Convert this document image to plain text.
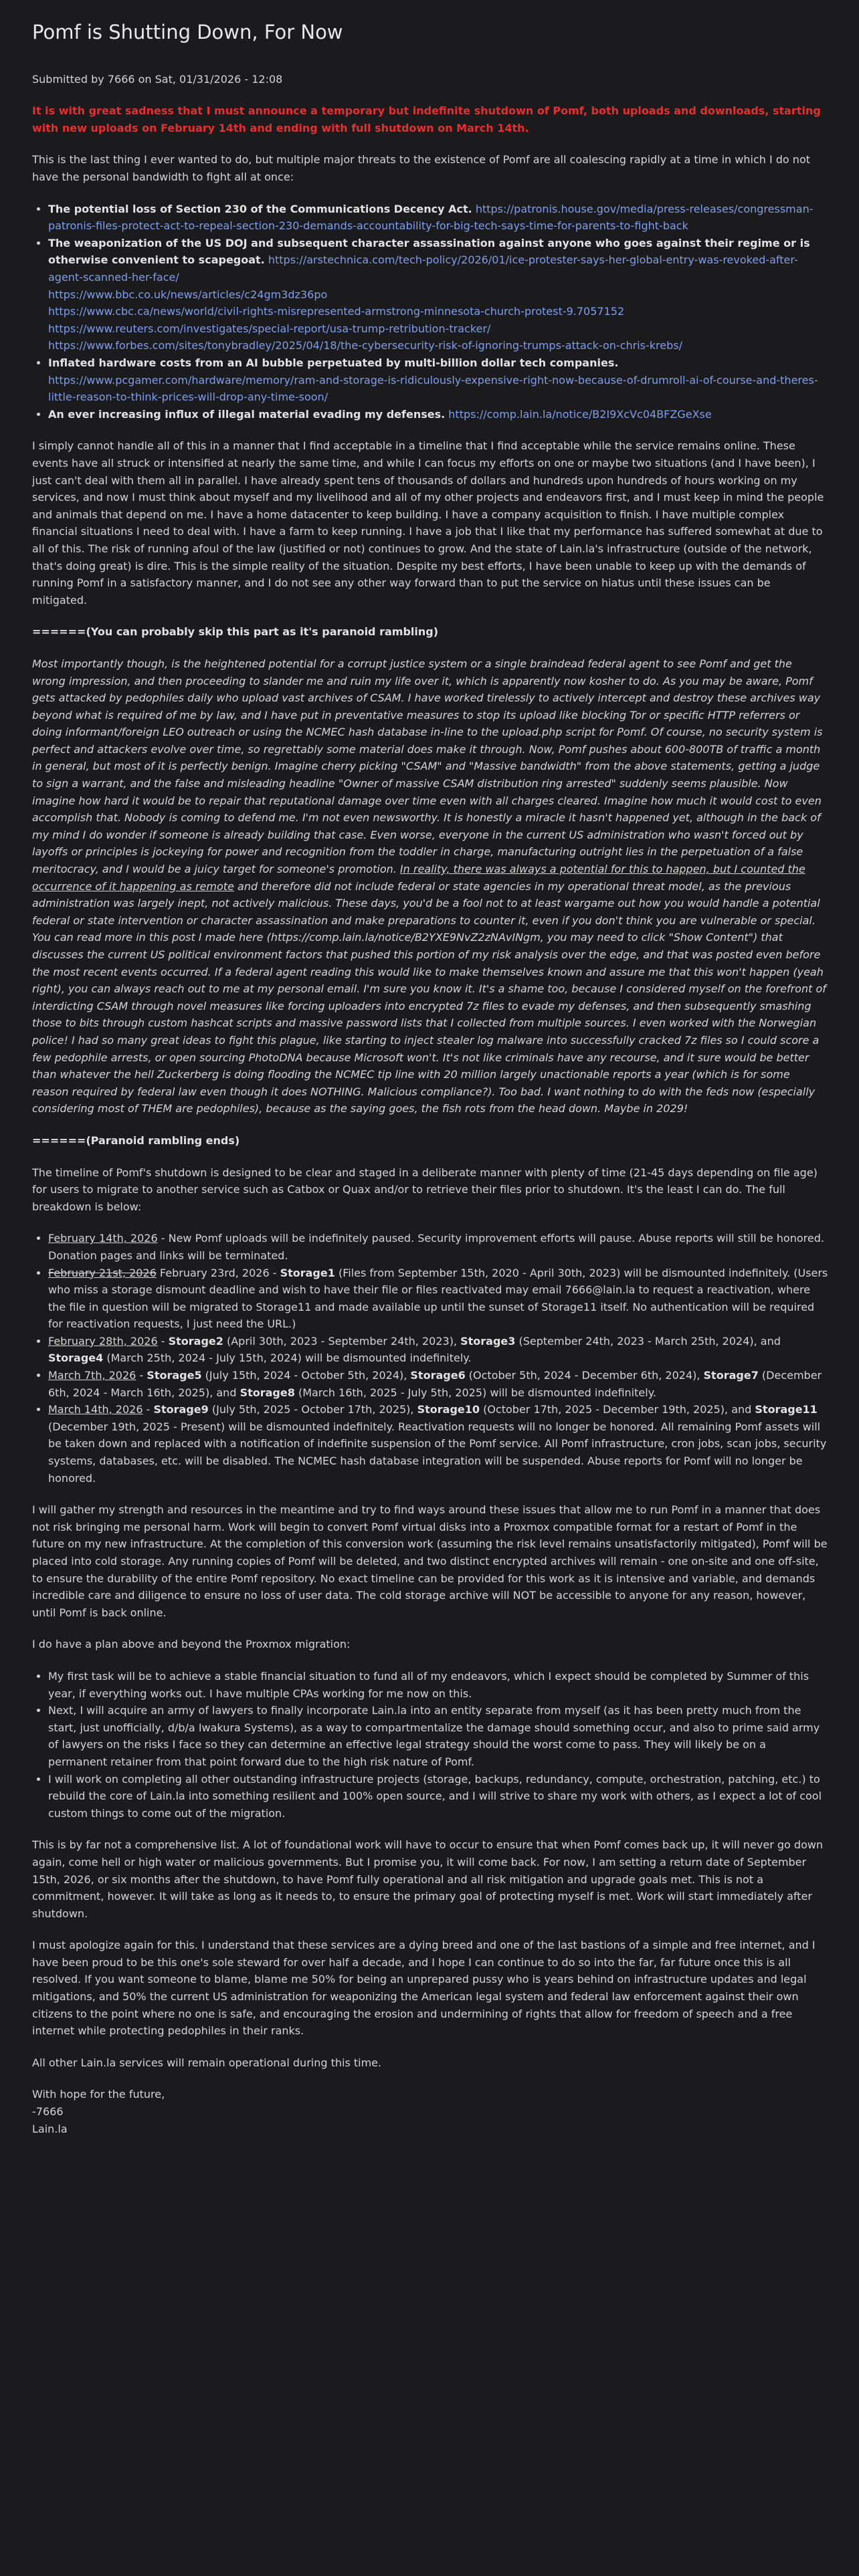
Pomf is Shutting Down, For Now

Submitted by 7666 on Sat, 01/31/2026 - 12:08

It is with great sadness that I must announce a temporary but indefinite shutdown of Pomf, both uploads and downloads, starting with new uploads on February 14th and ending with full shutdown on March 14th.

This is the last thing I ever wanted to do, but multiple major threats to the existence of Pomf are all coalescing rapidly at a time in which I do not have the personal bandwidth to fight all at once:

• The potential loss of Section 230 of the Communications Decency Act. https://patronis.house.gov/media/press-releases/congressman-patronis-files-protect-act-to-repeal-section-230-demands-accountability-for-big-tech-says-time-for-parents-to-fight-back
• The weaponization of the US DOJ and subsequent character assassination against anyone who goes against their regime or is otherwise convenient to scapegoat. https://arstechnica.com/tech-policy/2026/01/ice-protester-says-her-global-entry-was-revoked-after-agent-scanned-her-face/
https://www.bbc.co.uk/news/articles/c24gm3dz36po
https://www.cbc.ca/news/world/civil-rights-misrepresented-armstrong-minnesota-church-protest-9.7057152
https://www.reuters.com/investigates/special-report/usa-trump-retribution-tracker/
https://www.forbes.com/sites/tonybradley/2025/04/18/the-cybersecurity-risk-of-ignoring-trumps-attack-on-chris-krebs/
• Inflated hardware costs from an AI bubble perpetuated by multi-billion dollar tech companies.
https://www.pcgamer.com/hardware/memory/ram-and-storage-is-ridiculously-expensive-right-now-because-of-drumroll-ai-of-course-and-theres-little-reason-to-think-prices-will-drop-any-time-soon/
• An ever increasing influx of illegal material evading my defenses. https://comp.lain.la/notice/B2I9XcVc04BFZGeXse

I simply cannot handle all of this in a manner that I find acceptable in a timeline that I find acceptable while the service remains online. These events have all struck or intensified at nearly the same time, and while I can focus my efforts on one or maybe two situations (and I have been), I just can't deal with them all in parallel. I have already spent tens of thousands of dollars and hundreds upon hundreds of hours working on my services, and now I must think about myself and my livelihood and all of my other projects and endeavors first, and I must keep in mind the people and animals that depend on me. I have a home datacenter to keep building. I have a company acquisition to finish. I have multiple complex financial situations I need to deal with. I have a farm to keep running. I have a job that I like that my performance has suffered somewhat at due to all of this. The risk of running afoul of the law (justified or not) continues to grow. And the state of Lain.la's infrastructure (outside of the network, that's doing great) is dire. This is the simple reality of the situation. Despite my best efforts, I have been unable to keep up with the demands of running Pomf in a satisfactory manner, and I do not see any other way forward than to put the service on hiatus until these issues can be mitigated.

======(You can probably skip this part as it's paranoid rambling)

Most importantly though, is the heightened potential for a corrupt justice system or a single braindead federal agent to see Pomf and get the wrong impression, and then proceeding to slander me and ruin my life over it, which is apparently now kosher to do. As you may be aware, Pomf gets attacked by pedophiles daily who upload vast archives of CSAM. I have worked tirelessly to actively intercept and destroy these archives way beyond what is required of me by law, and I have put in preventative measures to stop its upload like blocking Tor or specific HTTP referrers or doing informant/foreign LEO outreach or using the NCMEC hash database in-line to the upload.php script for Pomf. Of course, no security system is perfect and attackers evolve over time, so regrettably some material does make it through. Now, Pomf pushes about 600-800TB of traffic a month in general, but most of it is perfectly benign. Imagine cherry picking "CSAM" and "Massive bandwidth" from the above statements, getting a judge to sign a warrant, and the false and misleading headline "Owner of massive CSAM distribution ring arrested" suddenly seems plausible. Now imagine how hard it would be to repair that reputational damage over time even with all charges cleared. Imagine how much it would cost to even accomplish that. Nobody is coming to defend me. I'm not even newsworthy. It is honestly a miracle it hasn't happened yet, although in the back of my mind I do wonder if someone is already building that case. Even worse, everyone in the current US administration who wasn't forced out by layoffs or principles is jockeying for power and recognition from the toddler in charge, manufacturing outright lies in the perpetuation of a false meritocracy, and I would be a juicy target for someone's promotion. In reality, there was always a potential for this to happen, but I counted the occurrence of it happening as remote and therefore did not include federal or state agencies in my operational threat model, as the previous administration was largely inept, not actively malicious. These days, you'd be a fool not to at least wargame out how you would handle a potential federal or state intervention or character assassination and make preparations to counter it, even if you don't think you are vulnerable or special. You can read more in this post I made here (https://comp.lain.la/notice/B2YXE9NvZ2zNAvINgm, you may need to click "Show Content") that discusses the current US political environment factors that pushed this portion of my risk analysis over the edge, and that was posted even before the most recent events occurred. If a federal agent reading this would like to make themselves known and assure me that this won't happen (yeah right), you can always reach out to me at my personal email. I'm sure you know it. It's a shame too, because I considered myself on the forefront of interdicting CSAM through novel measures like forcing uploaders into encrypted 7z files to evade my defenses, and then subsequently smashing those to bits through custom hashcat scripts and massive password lists that I collected from multiple sources. I even worked with the Norwegian police! I had so many great ideas to fight this plague, like starting to inject stealer log malware into successfully cracked 7z files so I could score a few pedophile arrests, or open sourcing PhotoDNA because Microsoft won't. It's not like criminals have any recourse, and it sure would be better than whatever the hell Zuckerberg is doing flooding the NCMEC tip line with 20 million largely unactionable reports a year (which is for some reason required by federal law even though it does NOTHING. Malicious compliance?). Too bad. I want nothing to do with the feds now (especially considering most of THEM are pedophiles), because as the saying goes, the fish rots from the head down. Maybe in 2029!

======(Paranoid rambling ends)

The timeline of Pomf's shutdown is designed to be clear and staged in a deliberate manner with plenty of time (21-45 days depending on file age) for users to migrate to another service such as Catbox or Quax and/or to retrieve their files prior to shutdown. It's the least I can do. The full breakdown is below:

• February 14th, 2026 - New Pomf uploads will be indefinitely paused. Security improvement efforts will pause. Abuse reports will still be honored. Donation pages and links will be terminated.
• February 21st, 2026 February 23rd, 2026 - Storage1 (Files from September 15th, 2020 - April 30th, 2023) will be dismounted indefinitely. (Users who miss a storage dismount deadline and wish to have their file or files reactivated may email 7666@lain.la to request a reactivation, where the file in question will be migrated to Storage11 and made available up until the sunset of Storage11 itself. No authentication will be required for reactivation requests, I just need the URL.)
• February 28th, 2026 - Storage2 (April 30th, 2023 - September 24th, 2023), Storage3 (September 24th, 2023 - March 25th, 2024), and Storage4 (March 25th, 2024 - July 15th, 2024) will be dismounted indefinitely.
• March 7th, 2026 - Storage5 (July 15th, 2024 - October 5th, 2024), Storage6 (October 5th, 2024 - December 6th, 2024), Storage7 (December 6th, 2024 - March 16th, 2025), and Storage8 (March 16th, 2025 - July 5th, 2025) will be dismounted indefinitely.
• March 14th, 2026 - Storage9 (July 5th, 2025 - October 17th, 2025), Storage10 (October 17th, 2025 - December 19th, 2025), and Storage11 (December 19th, 2025 - Present) will be dismounted indefinitely. Reactivation requests will no longer be honored. All remaining Pomf assets will be taken down and replaced with a notification of indefinite suspension of the Pomf service. All Pomf infrastructure, cron jobs, scan jobs, security systems, databases, etc. will be disabled. The NCMEC hash database integration will be suspended. Abuse reports for Pomf will no longer be honored.

I will gather my strength and resources in the meantime and try to find ways around these issues that allow me to run Pomf in a manner that does not risk bringing me personal harm. Work will begin to convert Pomf virtual disks into a Proxmox compatible format for a restart of Pomf in the future on my new infrastructure. At the completion of this conversion work (assuming the risk level remains unsatisfactorily mitigated), Pomf will be placed into cold storage. Any running copies of Pomf will be deleted, and two distinct encrypted archives will remain - one on-site and one off-site, to ensure the durability of the entire Pomf repository. No exact timeline can be provided for this work as it is intensive and variable, and demands incredible care and diligence to ensure no loss of user data. The cold storage archive will NOT be accessible to anyone for any reason, however, until Pomf is back online.

I do have a plan above and beyond the Proxmox migration:

• My first task will be to achieve a stable financial situation to fund all of my endeavors, which I expect should be completed by Summer of this year, if everything works out. I have multiple CPAs working for me now on this.
• Next, I will acquire an army of lawyers to finally incorporate Lain.la into an entity separate from myself (as it has been pretty much from the start, just unofficially, d/b/a Iwakura Systems), as a way to compartmentalize the damage should something occur, and also to prime said army of lawyers on the risks I face so they can determine an effective legal strategy should the worst come to pass. They will likely be on a permanent retainer from that point forward due to the high risk nature of Pomf.
• I will work on completing all other outstanding infrastructure projects (storage, backups, redundancy, compute, orchestration, patching, etc.) to rebuild the core of Lain.la into something resilient and 100% open source, and I will strive to share my work with others, as I expect a lot of cool custom things to come out of the migration.

This is by far not a comprehensive list. A lot of foundational work will have to occur to ensure that when Pomf comes back up, it will never go down again, come hell or high water or malicious governments. But I promise you, it will come back. For now, I am setting a return date of September 15th, 2026, or six months after the shutdown, to have Pomf fully operational and all risk mitigation and upgrade goals met. This is not a commitment, however. It will take as long as it needs to, to ensure the primary goal of protecting myself is met. Work will start immediately after shutdown.

I must apologize again for this. I understand that these services are a dying breed and one of the last bastions of a simple and free internet, and I have been proud to be this one's sole steward for over half a decade, and I hope I can continue to do so into the far, far future once this is all resolved. If you want someone to blame, blame me 50% for being an unprepared pussy who is years behind on infrastructure updates and legal mitigations, and 50% the current US administration for weaponizing the American legal system and federal law enforcement against their own citizens to the point where no one is safe, and encouraging the erosion and undermining of rights that allow for freedom of speech and a free internet while protecting pedophiles in their ranks.

All other Lain.la services will remain operational during this time.

With hope for the future,

-7666

Lain.la
